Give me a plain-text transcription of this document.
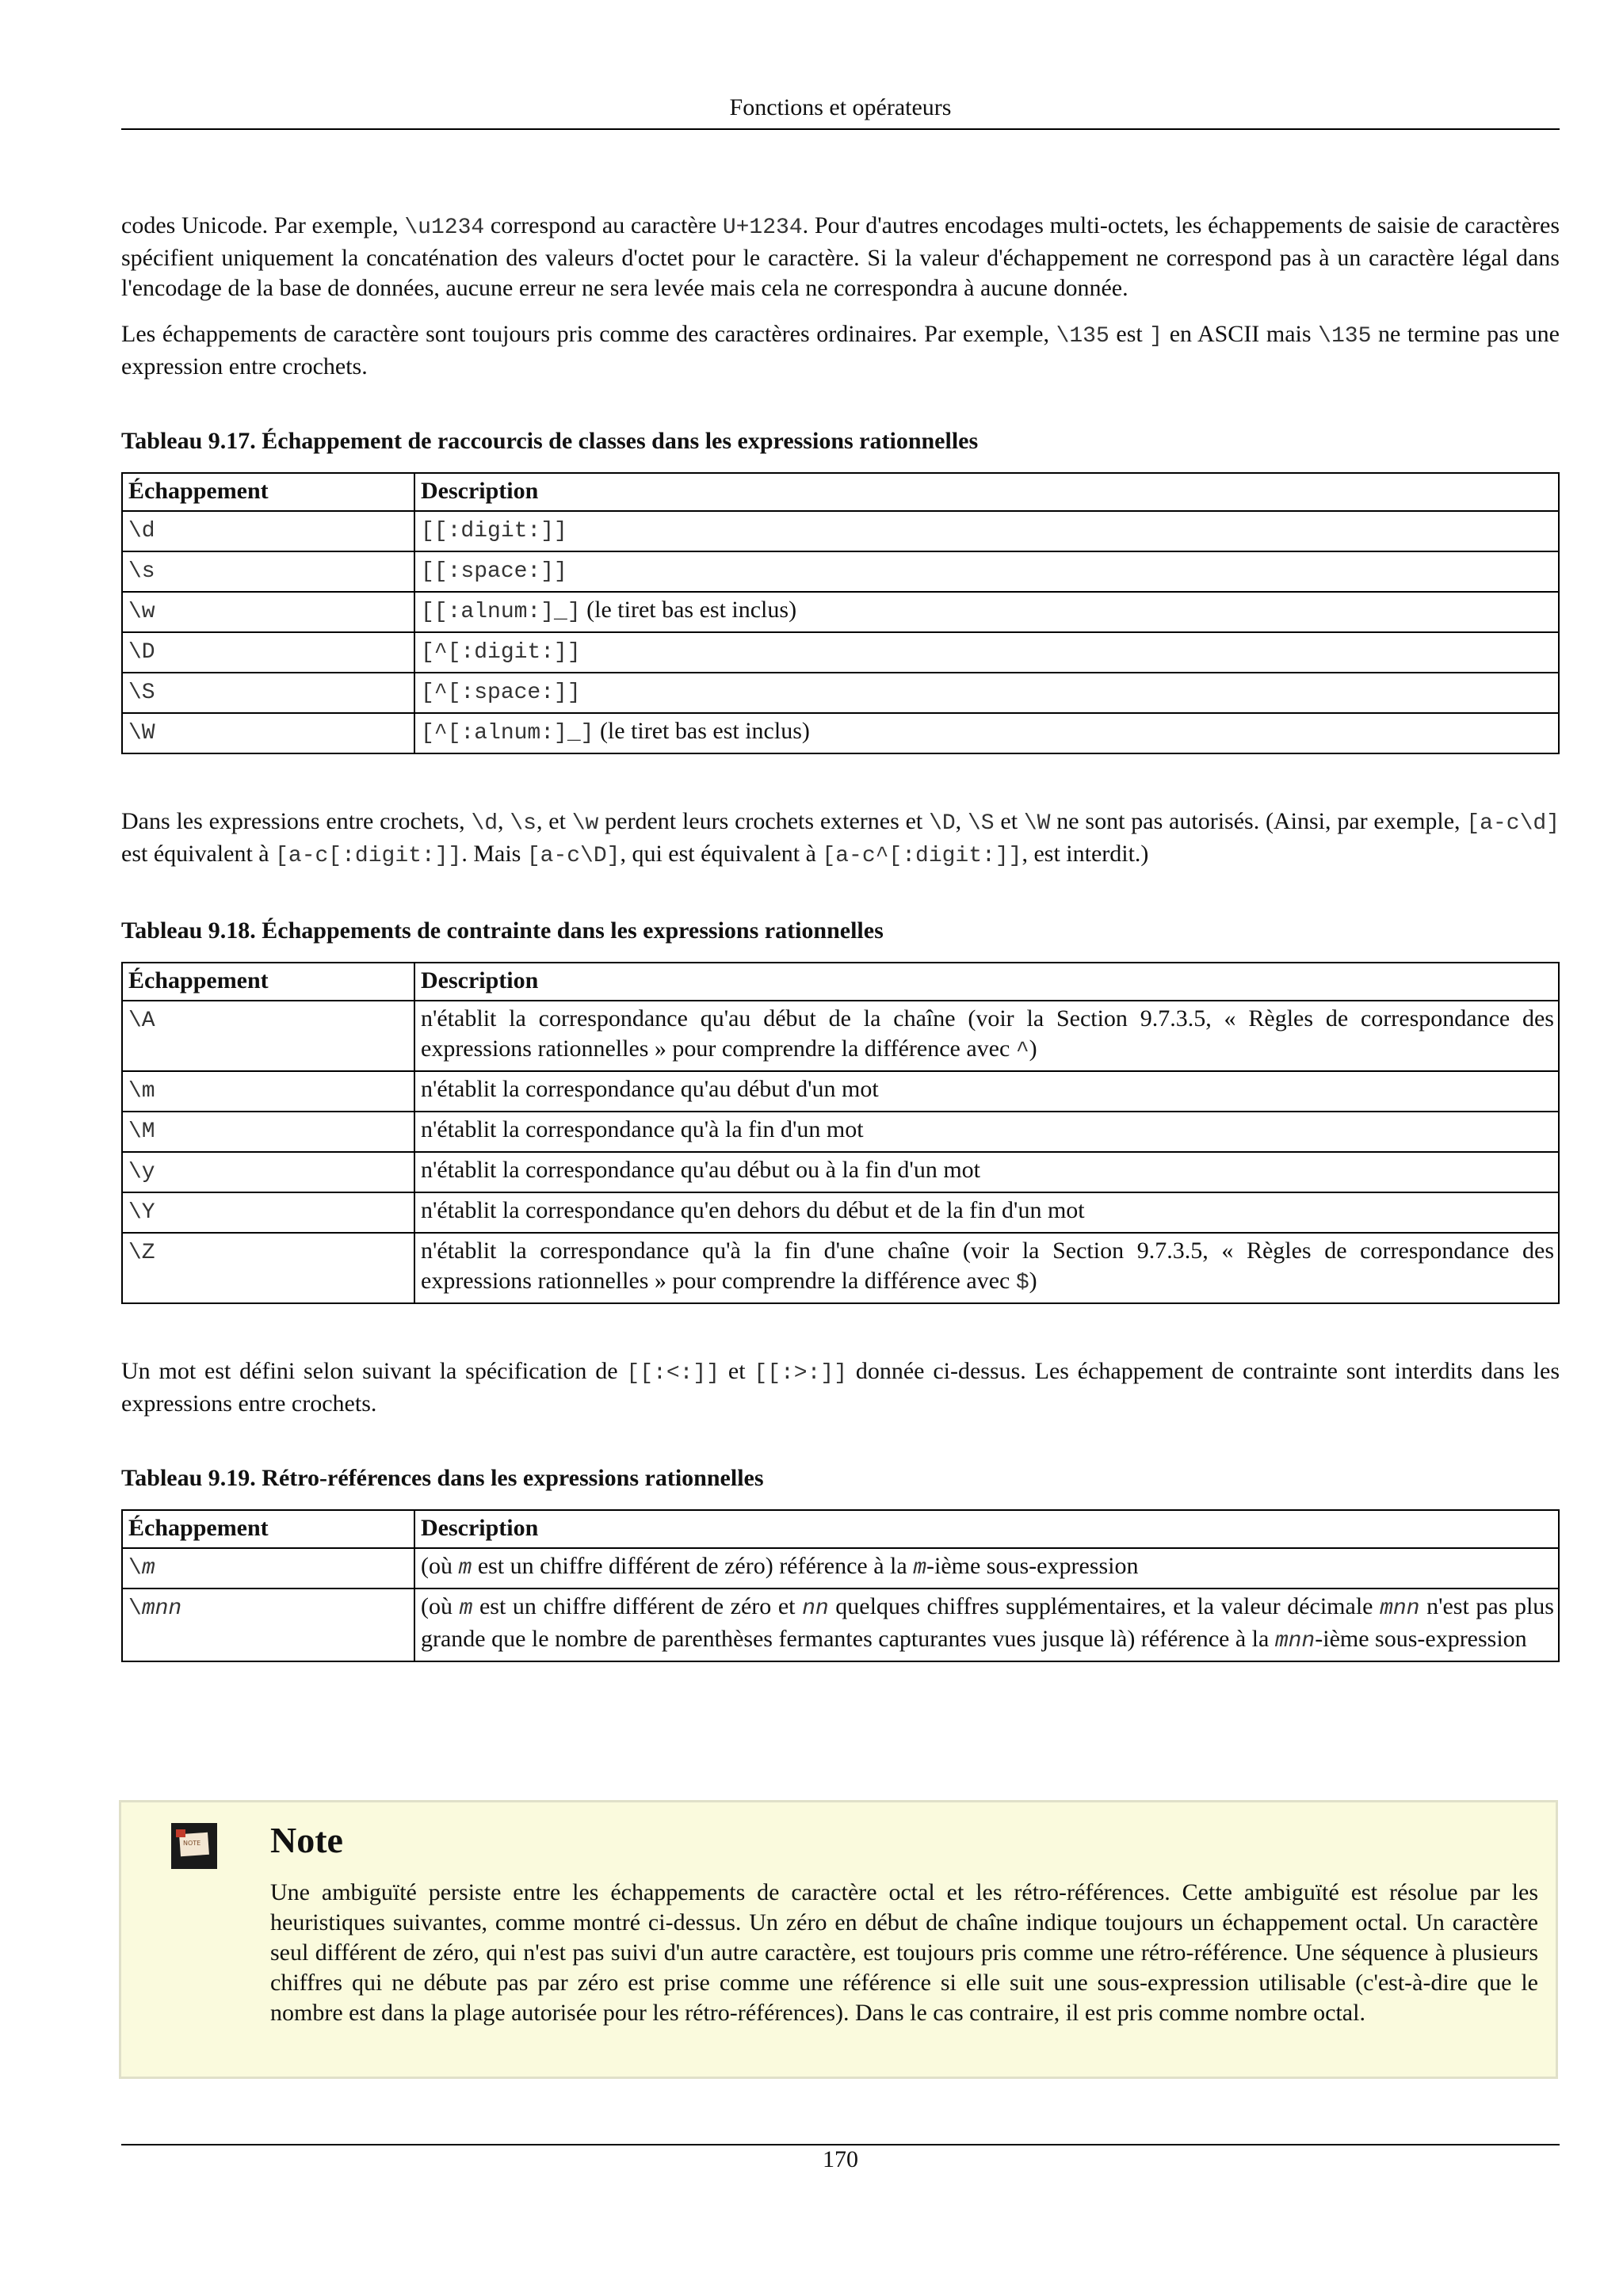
Fonctions et opérateurs

codes Unicode. Par exemple, \u1234 correspond au caractère U+1234. Pour d'autres encodages multi-octets, les échappements de saisie de caractères spécifient uniquement la concaténation des valeurs d'octet pour le caractère. Si la valeur d'échappement ne correspond pas à un caractère légal dans l'encodage de la base de données, aucune erreur ne sera levée mais cela ne correspondra à aucune donnée.

Les échappements de caractère sont toujours pris comme des caractères ordinaires. Par exemple, \135 est ] en ASCII mais \135 ne termine pas une expression entre crochets.

Tableau 9.17. Échappement de raccourcis de classes dans les expressions rationnelles
Échappement	Description
\d	[[:digit:]]
\s	[[:space:]]
\w	[[:alnum:]_] (le tiret bas est inclus)
\D	[^[:digit:]]
\S	[^[:space:]]
\W	[^[:alnum:]_] (le tiret bas est inclus)

Dans les expressions entre crochets, \d, \s, et \w perdent leurs crochets externes et \D, \S et \W ne sont pas autorisés. (Ainsi, par exemple, [a-c\d] est équivalent à [a-c[:digit:]]. Mais [a-c\D], qui est équivalent à [a-c^[:digit:]], est interdit.)

Tableau 9.18. Échappements de contrainte dans les expressions rationnelles
Échappement	Description
\A	n'établit la correspondance qu'au début de la chaîne (voir la Section 9.7.3.5, « Règles de correspondance des expressions rationnelles » pour comprendre la différence avec ^)
\m	n'établit la correspondance qu'au début d'un mot
\M	n'établit la correspondance qu'à la fin d'un mot
\y	n'établit la correspondance qu'au début ou à la fin d'un mot
\Y	n'établit la correspondance qu'en dehors du début et de la fin d'un mot
\Z	n'établit la correspondance qu'à la fin d'une chaîne (voir la Section 9.7.3.5, « Règles de correspondance des expressions rationnelles » pour comprendre la différence avec $)

Un mot est défini selon suivant la spécification de [[:<:]] et [[:>:]] donnée ci-dessus. Les échappement de contrainte sont interdits dans les expressions entre crochets.

Tableau 9.19. Rétro-références dans les expressions rationnelles
Échappement	Description
\m	(où m est un chiffre différent de zéro) référence à la m-ième sous-expression
\mnn	(où m est un chiffre différent de zéro et nn quelques chiffres supplémentaires, et la valeur décimale mnn n'est pas plus grande que le nombre de parenthèses fermantes capturantes vues jusque là) référence à la mnn-ième sous-expression
NOTE Note
Une ambiguïté persiste entre les échappements de caractère octal et les rétro-références. Cette ambiguïté est résolue par les heuristiques suivantes, comme montré ci-dessus. Un zéro en début de chaîne indique toujours un échappement octal. Un caractère seul différent de zéro, qui n'est pas suivi d'un autre caractère, est toujours pris comme une rétro-référence. Une séquence à plusieurs chiffres qui ne débute pas par zéro est prise comme une référence si elle suit une sous-expression utilisable (c'est-à-dire que le nombre est dans la plage autorisée pour les rétro-références). Dans le cas contraire, il est pris comme nombre octal.
170
